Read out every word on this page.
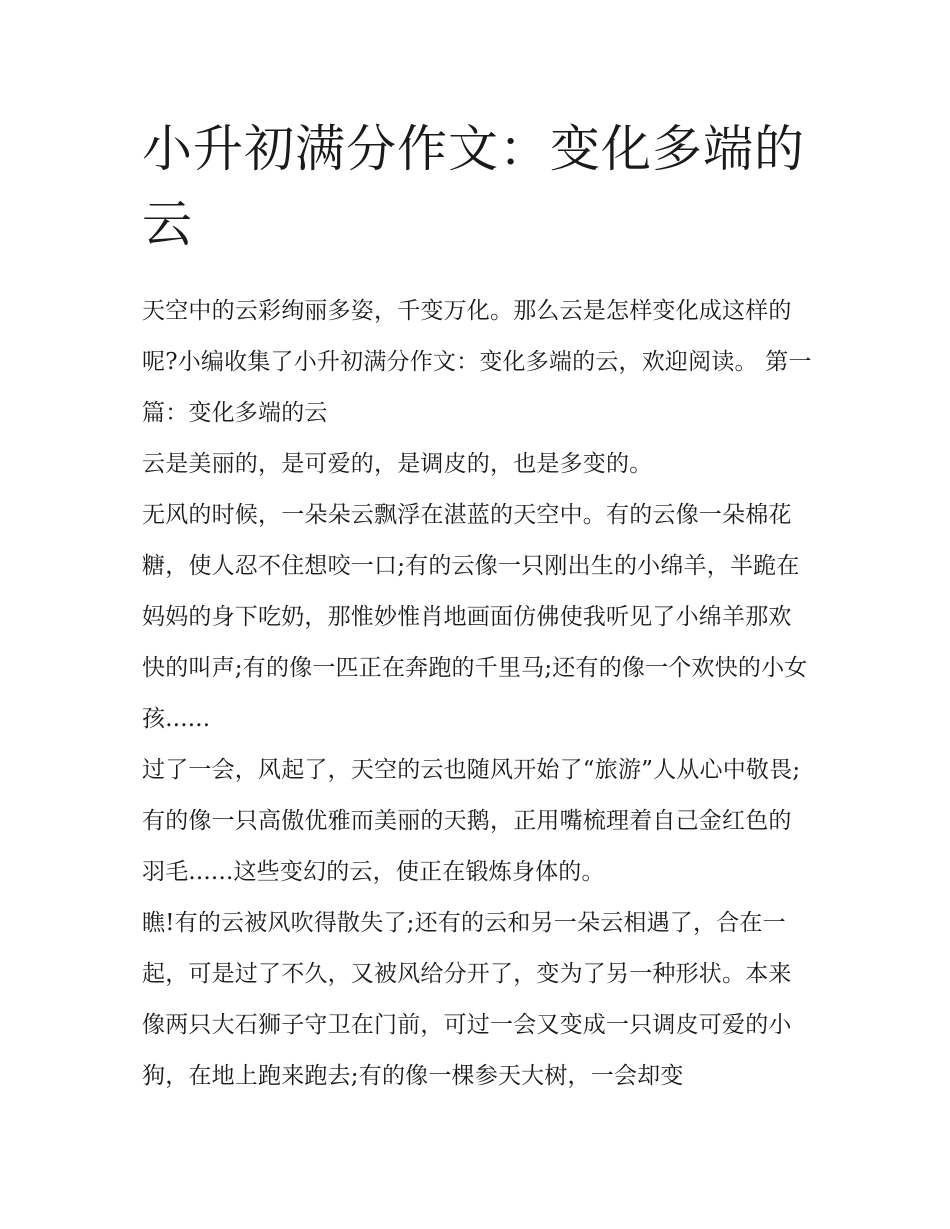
小升初满分作文：变化多端的云

天空中的云彩绚丽多姿，千变万化。那么云是怎样变化成这样的呢?小编收集了小升初满分作文：变化多端的云，欢迎阅读。 第一篇：变化多端的云

云是美丽的，是可爱的，是调皮的，也是多变的。

无风的时候，一朵朵云飘浮在湛蓝的天空中。有的云像一朵棉花糖，使人忍不住想咬一口;有的云像一只刚出生的小绵羊，半跪在妈妈的身下吃奶，那惟妙惟肖地画面仿佛使我听见了小绵羊那欢快的叫声;有的像一匹正在奔跑的千里马;还有的像一个欢快的小女孩......

过了一会，风起了，天空的云也随风开始了“旅游”人从心中敬畏;有的像一只高傲优雅而美丽的天鹅，正用嘴梳理着自己金红色的羽毛......这些变幻的云，使正在锻炼身体的。

瞧!有的云被风吹得散失了;还有的云和另一朵云相遇了，合在一起，可是过了不久，又被风给分开了，变为了另一种形状。本来像两只大石狮子守卫在门前，可过一会又变成一只调皮可爱的小狗，在地上跑来跑去;有的像一棵参天大树，一会却变
